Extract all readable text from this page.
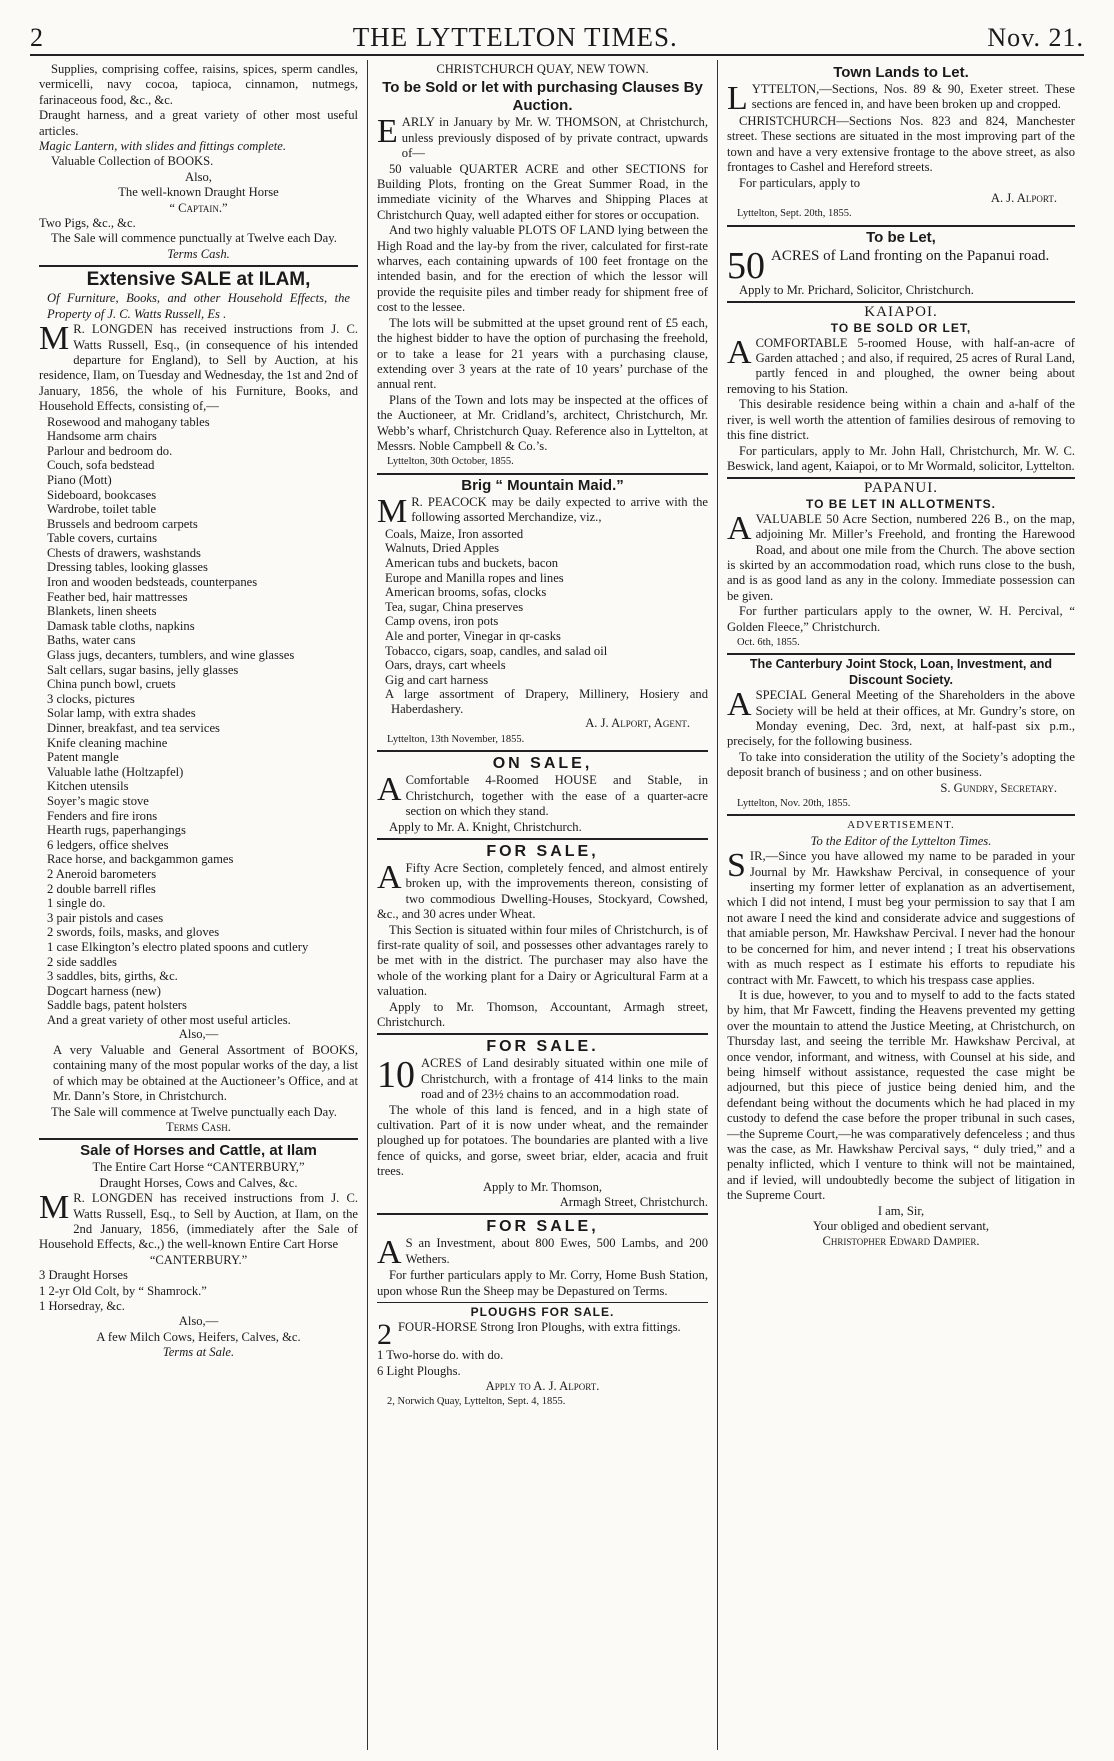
2	THE LYTTELTON TIMES.	Nov. 21.

Supplies, comprising coffee, raisins, spices, sperm candles, vermicelli, navy cocoa, tapioca, cinnamon, nutmegs, farinaceous food, &c., &c.

Draught harness, and a great variety of other most useful articles.

Magic Lantern, with slides and fittings complete.

Valuable Collection of BOOKS.

Also,

The well-known Draught Horse

“ Captain.”

Two Pigs, &c., &c.

The Sale will commence punctually at Twelve each Day.

Terms Cash.

Extensive SALE at ILAM,

Of Furniture, Books, and other Household Effects, the Property of J. C. Watts Russell, Es .

M R. LONGDEN has received instructions from J. C. Watts Russell, Esq., (in consequence of his intended departure for England), to Sell by Auction, at his residence, Ilam, on Tuesday and Wednesday, the 1st and 2nd of January, 1856, the whole of his Furniture, Books, and Household Effects, consisting of,—

Rosewood and mahogany tables

Handsome arm chairs

Parlour and bedroom do.

Couch, sofa bedstead

Piano (Mott)

Sideboard, bookcases

Wardrobe, toilet table

Brussels and bedroom carpets

Table covers, curtains

Chests of drawers, washstands

Dressing tables, looking glasses

Iron and wooden bedsteads, counterpanes

Feather bed, hair mattresses

Blankets, linen sheets

Damask table cloths, napkins

Baths, water cans

Glass jugs, decanters, tumblers, and wine glasses

Salt cellars, sugar basins, jelly glasses

China punch bowl, cruets

3 clocks, pictures

Solar lamp, with extra shades

Dinner, breakfast, and tea services

Knife cleaning machine

Patent mangle

Valuable lathe (Holtzapfel)

Kitchen utensils

Soyer’s magic stove

Fenders and fire irons

Hearth rugs, paperhangings

6 ledgers, office shelves

Race horse, and backgammon games

2 Aneroid barometers

2 double barrell rifles

1 single do.

3 pair pistols and cases

2 swords, foils, masks, and gloves

1 case Elkington’s electro plated spoons and cutlery

2 side saddles

3 saddles, bits, girths, &c.

Dogcart harness (new)

Saddle bags, patent holsters

And a great variety of other most useful articles.

Also,—

A very Valuable and General Assortment of BOOKS, containing many of the most popular works of the day, a list of which may be obtained at the Auctioneer’s Office, and at Mr. Dann’s Store, in Christchurch.

The Sale will commence at Twelve punctually each Day.

Terms Cash.

Sale of Horses and Cattle, at Ilam

The Entire Cart Horse “CANTERBURY,”

Draught Horses, Cows and Calves, &c.

M R. LONGDEN has received instructions from J. C. Watts Russell, Esq., to Sell by Auction, at Ilam, on the 2nd January, 1856, (immediately after the Sale of Household Effects, &c.,) the well-known Entire Cart Horse

“CANTERBURY.”

3 Draught Horses

1 2-yr Old Colt, by “ Shamrock.”

1 Horsedray, &c.

Also,—

A few Milch Cows, Heifers, Calves, &c.

Terms at Sale.

CHRISTCHURCH QUAY, NEW TOWN.

To be Sold or let with purchasing Clauses By Auction.

EARLY in January by Mr. W. THOMSON, at Christchurch, unless previously disposed of by private contract, upwards of—

50 valuable QUARTER ACRE and other SECTIONS for Building Plots, fronting on the Great Summer Road, in the immediate vicinity of the Wharves and Shipping Places at Christchurch Quay, well adapted either for stores or occupation.

And two highly valuable PLOTS OF LAND lying between the High Road and the lay-by from the river, calculated for first-rate wharves, each containing upwards of 100 feet frontage on the intended basin, and for the erection of which the lessor will provide the requisite piles and timber ready for shipment free of cost to the lessee.

The lots will be submitted at the upset ground rent of £5 each, the highest bidder to have the option of purchasing the freehold, or to take a lease for 21 years with a purchasing clause, extending over 3 years at the rate of 10 years’ purchase of the annual rent.

Plans of the Town and lots may be inspected at the offices of the Auctioneer, at Mr. Cridland’s, architect, Christchurch, Mr. Webb’s wharf, Christchurch Quay. Reference also in Lyttelton, at Messrs. Noble Campbell & Co.’s.

Lyttelton, 30th October, 1855.

Brig “ Mountain Maid.”

M R. PEACOCK may be daily expected to arrive with the following assorted Merchandize, viz.,

Coals, Maize, Iron assorted

Walnuts, Dried Apples

American tubs and buckets, bacon

Europe and Manilla ropes and lines

American brooms, sofas, clocks

Tea, sugar, China preserves

Camp ovens, iron pots

Ale and porter, Vinegar in qr-casks

Tobacco, cigars, soap, candles, and salad oil

Oars, drays, cart wheels

Gig and cart harness

A large assortment of Drapery, Millinery, Hosiery and Haberdashery.

A. J. Alport, Agent.

Lyttelton, 13th November, 1855.

ON SALE,

A Comfortable 4-Roomed HOUSE and Stable, in Christchurch, together with the ease of a quarter-acre section on which they stand.

Apply to Mr. A. Knight, Christchurch.

FOR SALE,

A Fifty Acre Section, completely fenced, and almost entirely broken up, with the improvements thereon, consisting of two commodious Dwelling-Houses, Stockyard, Cowshed, &c., and 30 acres under Wheat.

This Section is situated within four miles of Christchurch, is of first-rate quality of soil, and possesses other advantages rarely to be met with in the district. The purchaser may also have the whole of the working plant for a Dairy or Agricultural Farm at a valuation.

Apply to Mr. Thomson, Accountant, Armagh street, Christchurch.

FOR SALE.

10 ACRES of Land desirably situated within one mile of Christchurch, with a frontage of 414 links to the main road and of 23½ chains to an accommodation road.

The whole of this land is fenced, and in a high state of cultivation. Part of it is now under wheat, and the remainder ploughed up for potatoes. The boundaries are planted with a live fence of quicks, and gorse, sweet briar, elder, acacia and fruit trees.

Apply to Mr. Thomson,

Armagh Street, Christchurch.

FOR SALE,

A S an Investment, about 800 Ewes, 500 Lambs, and 200 Wethers.

For further particulars apply to Mr. Corry, Home Bush Station, upon whose Run the Sheep may be Depastured on Terms.

PLOUGHS FOR SALE.

2 FOUR-HORSE Strong Iron Ploughs, with extra fittings.

1 Two-horse do. with do.

6 Light Ploughs.

Apply to A. J. Alport.

2, Norwich Quay, Lyttelton, Sept. 4, 1855.

Town Lands to Let.

LYTTELTON,—Sections, Nos. 89 & 90, Exeter street. These sections are fenced in, and have been broken up and cropped.

CHRISTCHURCH—Sections Nos. 823 and 824, Manchester street. These sections are situated in the most improving part of the town and have a very extensive frontage to the above street, as also frontages to Cashel and Hereford streets.

For particulars, apply to

A. J. Alport.

Lyttelton, Sept. 20th, 1855.

To be Let,

50 ACRES of Land fronting on the Papanui road.

Apply to Mr. Prichard, Solicitor, Christchurch.

KAIAPOI.

TO BE SOLD OR LET,

ACOMFORTABLE 5-roomed House, with half-an-acre of Garden attached ; and also, if required, 25 acres of Rural Land, partly fenced in and ploughed, the owner being about removing to his Station.

This desirable residence being within a chain and a-half of the river, is well worth the attention of families desirous of removing to this fine district.

For particulars, apply to Mr. John Hall, Christchurch, Mr. W. C. Beswick, land agent, Kaiapoi, or to Mr Wormald, solicitor, Lyttelton.

PAPANUI.

TO BE LET IN ALLOTMENTS.

AVALUABLE 50 Acre Section, numbered 226 B., on the map, adjoining Mr. Miller’s Freehold, and fronting the Harewood Road, and about one mile from the Church. The above section is skirted by an accommodation road, which runs close to the bush, and is as good land as any in the colony. Immediate possession can be given.

For further particulars apply to the owner, W. H. Percival, “ Golden Fleece,” Christchurch.

Oct. 6th, 1855.

The Canterbury Joint Stock, Loan, Investment, and Discount Society.

ASPECIAL General Meeting of the Shareholders in the above Society will be held at their offices, at Mr. Gundry’s store, on Monday evening, Dec. 3rd, next, at half-past six p.m., precisely, for the following business.

To take into consideration the utility of the Society’s adopting the deposit branch of business ; and on other business.

S. Gundry, Secretary.

Lyttelton, Nov. 20th, 1855.

ADVERTISEMENT.

To the Editor of the Lyttelton Times.

SIR,—Since you have allowed my name to be paraded in your Journal by Mr. Hawkshaw Percival, in consequence of your inserting my former letter of explanation as an advertisement, which I did not intend, I must beg your permission to say that I am not aware I need the kind and considerate advice and suggestions of that amiable person, Mr. Hawkshaw Percival. I never had the honour to be concerned for him, and never intend ; I treat his observations with as much respect as I estimate his efforts to repudiate his contract with Mr. Fawcett, to which his trespass case applies.

It is due, however, to you and to myself to add to the facts stated by him, that Mr Fawcett, finding the Heavens prevented my getting over the mountain to attend the Justice Meeting, at Christchurch, on Thursday last, and seeing the terrible Mr. Hawkshaw Percival, at once vendor, informant, and witness, with Counsel at his side, and being himself without assistance, requested the case might be adjourned, but this piece of justice being denied him, and the defendant being without the documents which he had placed in my custody to defend the case before the proper tribunal in such cases,—the Supreme Court,—he was comparatively defenceless ; and thus was the case, as Mr. Hawkshaw Percival says, “ duly tried,” and a penalty inflicted, which I venture to think will not be maintained, and if levied, will undoubtedly become the subject of litigation in the Supreme Court.

I am, Sir,

Your obliged and obedient servant,

Christopher Edward Dampier.
